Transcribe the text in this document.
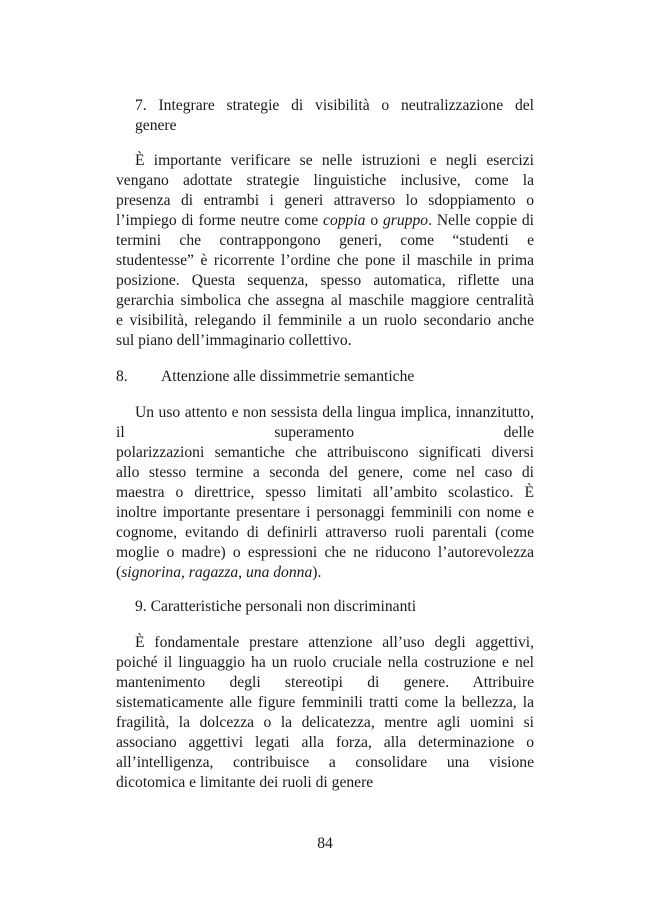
7. Integrare strategie di visibilità o neutralizzazione del
genere
È importante verificare se nelle istruzioni e negli esercizi
vengano adottate strategie linguistiche inclusive, come la
presenza di entrambi i generi attraverso lo sdoppiamento o
l’impiego di forme neutre come coppia o gruppo. Nelle coppie di
termini che contrappongono generi, come “studenti e
studentesse” è ricorrente l’ordine che pone il maschile in prima
posizione. Questa sequenza, spesso automatica, riflette una
gerarchia simbolica che assegna al maschile maggiore centralità
e visibilità, relegando il femminile a un ruolo secondario anche
sul piano dell’immaginario collettivo.
8. Attenzione alle dissimmetrie semantiche
Un uso attento e non sessista della lingua implica, innanzitutto,
il superamento delle
polarizzazioni semantiche che attribuiscono significati diversi
allo stesso termine a seconda del genere, come nel caso di
maestra o direttrice, spesso limitati all’ambito scolastico. È
inoltre importante presentare i personaggi femminili con nome e
cognome, evitando di definirli attraverso ruoli parentali (come
moglie o madre) o espressioni che ne riducono l’autorevolezza
(signorina, ragazza, una donna).
9. Caratteristiche personali non discriminanti
È fondamentale prestare attenzione all’uso degli aggettivi,
poiché il linguaggio ha un ruolo cruciale nella costruzione e nel
mantenimento degli stereotipi di genere. Attribuire
sistematicamente alle figure femminili tratti come la bellezza, la
fragilità, la dolcezza o la delicatezza, mentre agli uomini si
associano aggettivi legati alla forza, alla determinazione o
all’intelligenza, contribuisce a consolidare una visione
dicotomica e limitante dei ruoli di genere
84
